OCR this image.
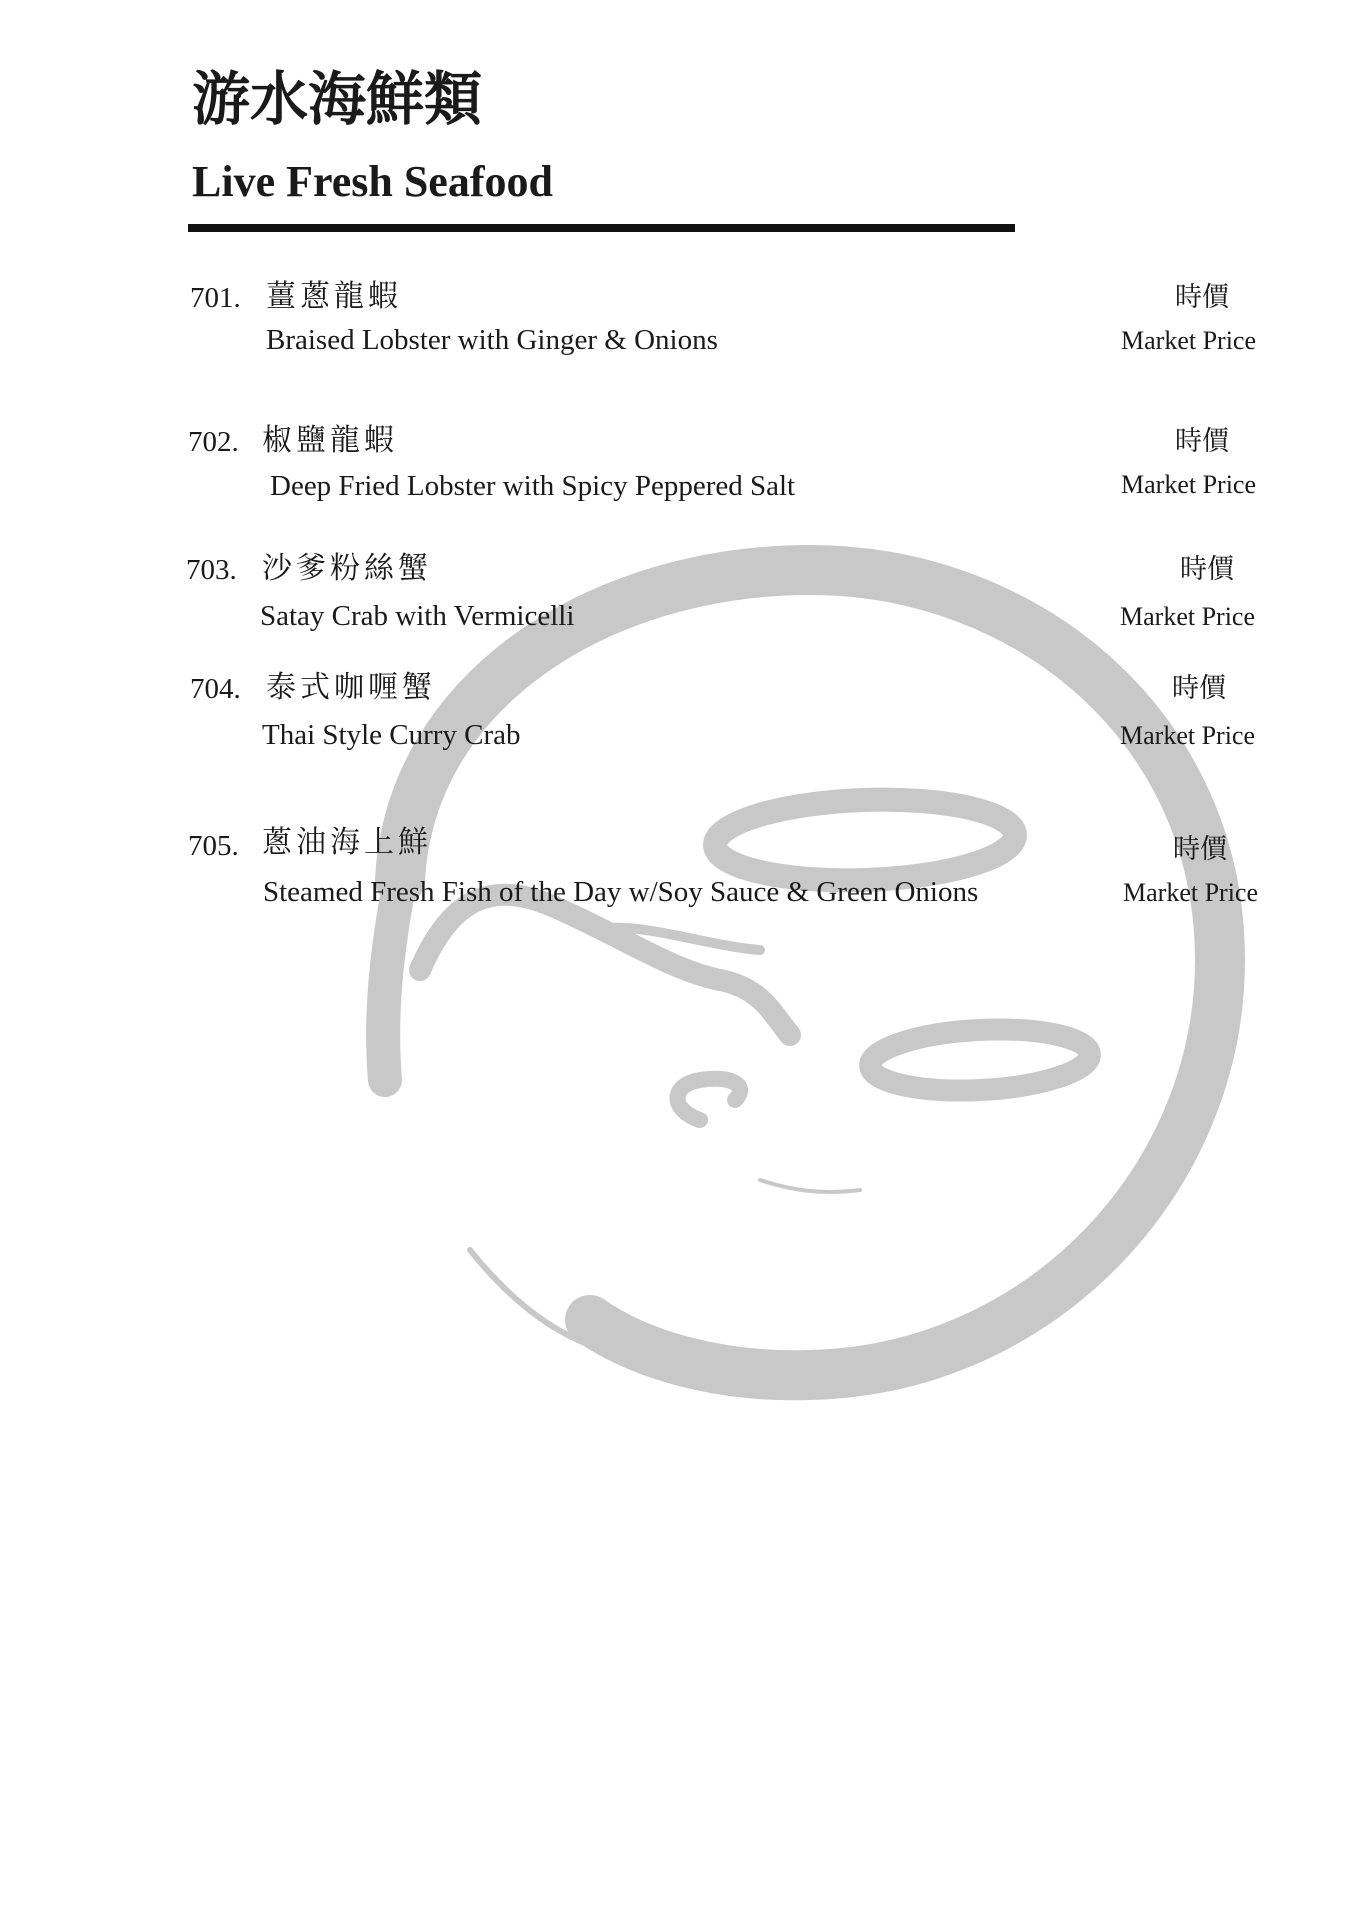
游水海鮮類
Live Fresh Seafood
701. 薑蔥龍蝦
Braised Lobster with Ginger & Onions
時價
Market Price
702. 椒鹽龍蝦
Deep Fried Lobster with Spicy Peppered Salt
時價
Market Price
703. 沙爹粉絲蟹
Satay Crab with Vermicelli
時價
Market Price
704. 泰式咖喱蟹
Thai Style Curry Crab
時價
Market Price
705. 蔥油海上鮮
Steamed Fresh Fish of the Day w/Soy Sauce & Green Onions
時價
Market Price
